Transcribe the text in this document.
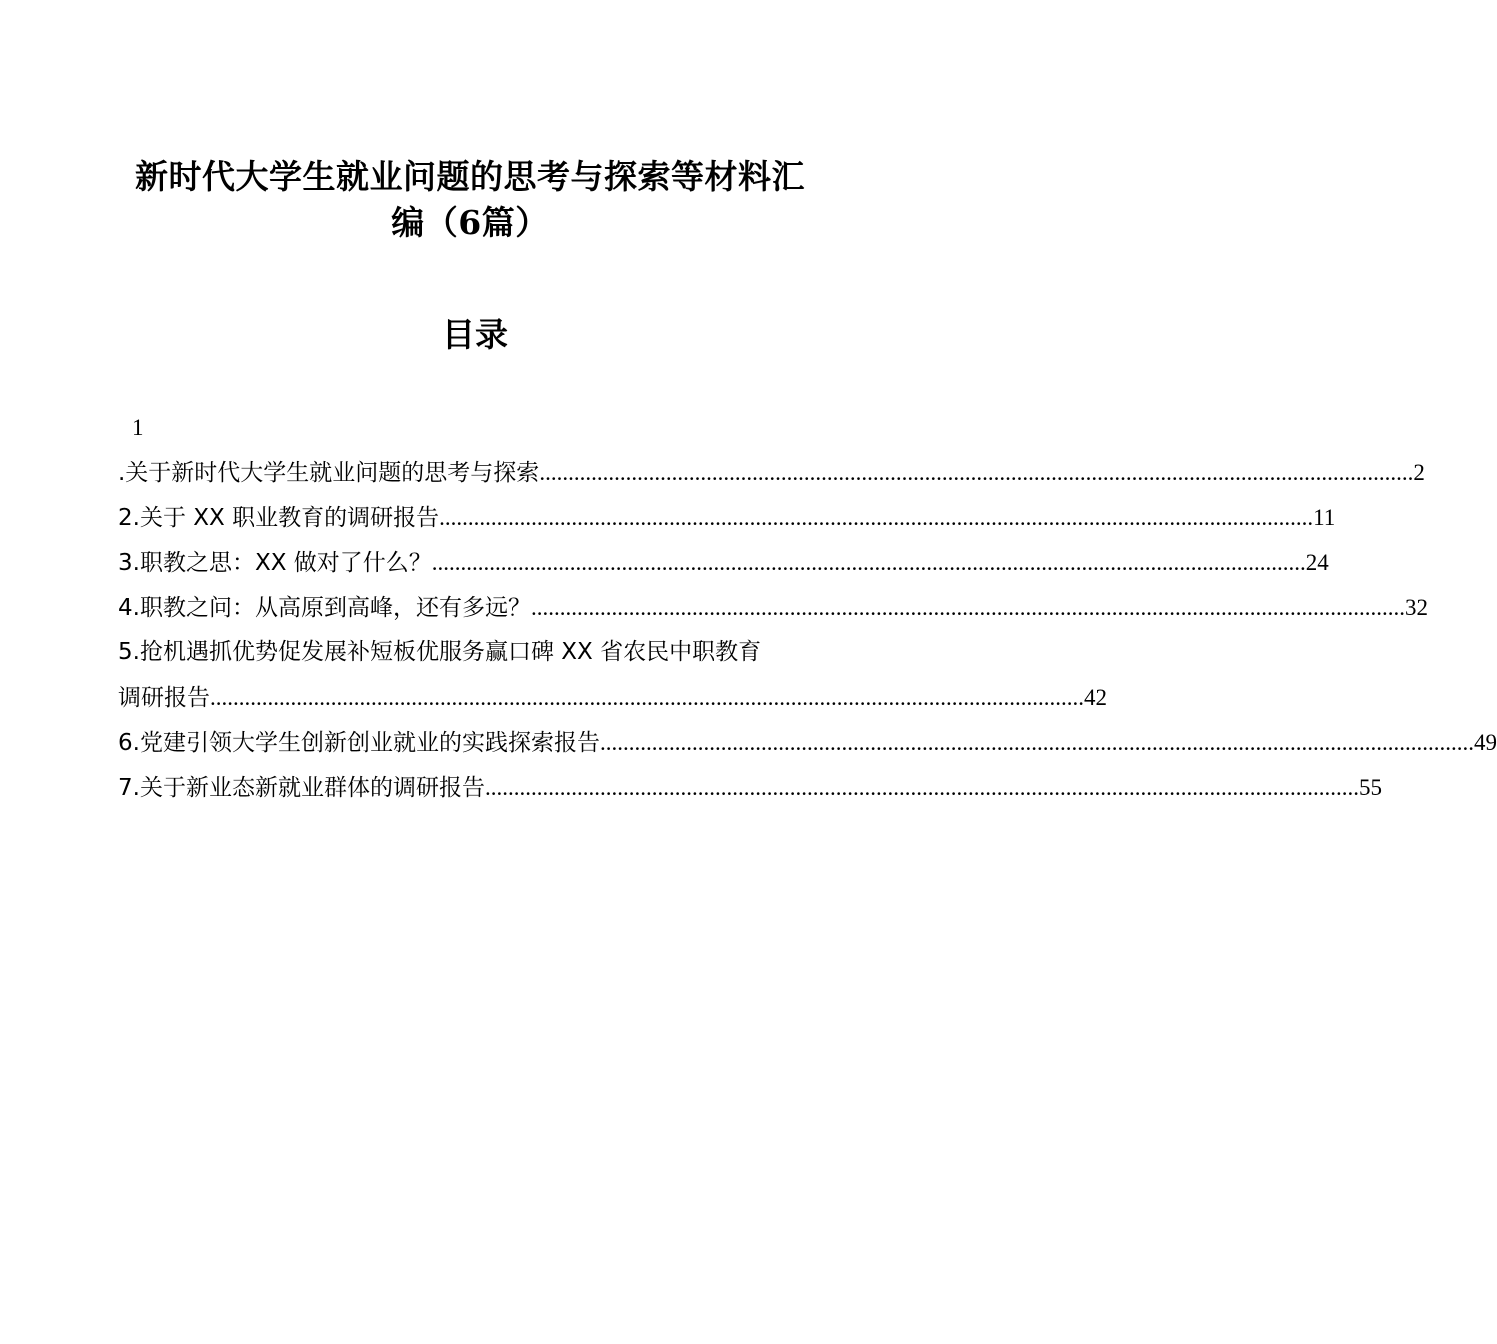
新时代大学生就业问题的思考与探索等材料汇
编（6篇）
目录
1
.关于新时代大学生就业问题的思考与探索 ........................................................................................................................................................ 2
2.关于 XX 职业教育的调研报告 ........................................................................................................................................................ 11
3.职教之思：XX 做对了什么？ ........................................................................................................................................................ 24
4.职教之问：从高原到高峰，还有多远？ ........................................................................................................................................................ 32
5.抢机遇抓优势促发展补短板优服务赢口碑 XX 省农民中职教育
调研报告 ........................................................................................................................................................ 42
6.党建引领大学生创新创业就业的实践探索报告 ........................................................................................................................................................ 49
7.关于新业态新就业群体的调研报告 ........................................................................................................................................................ 55
